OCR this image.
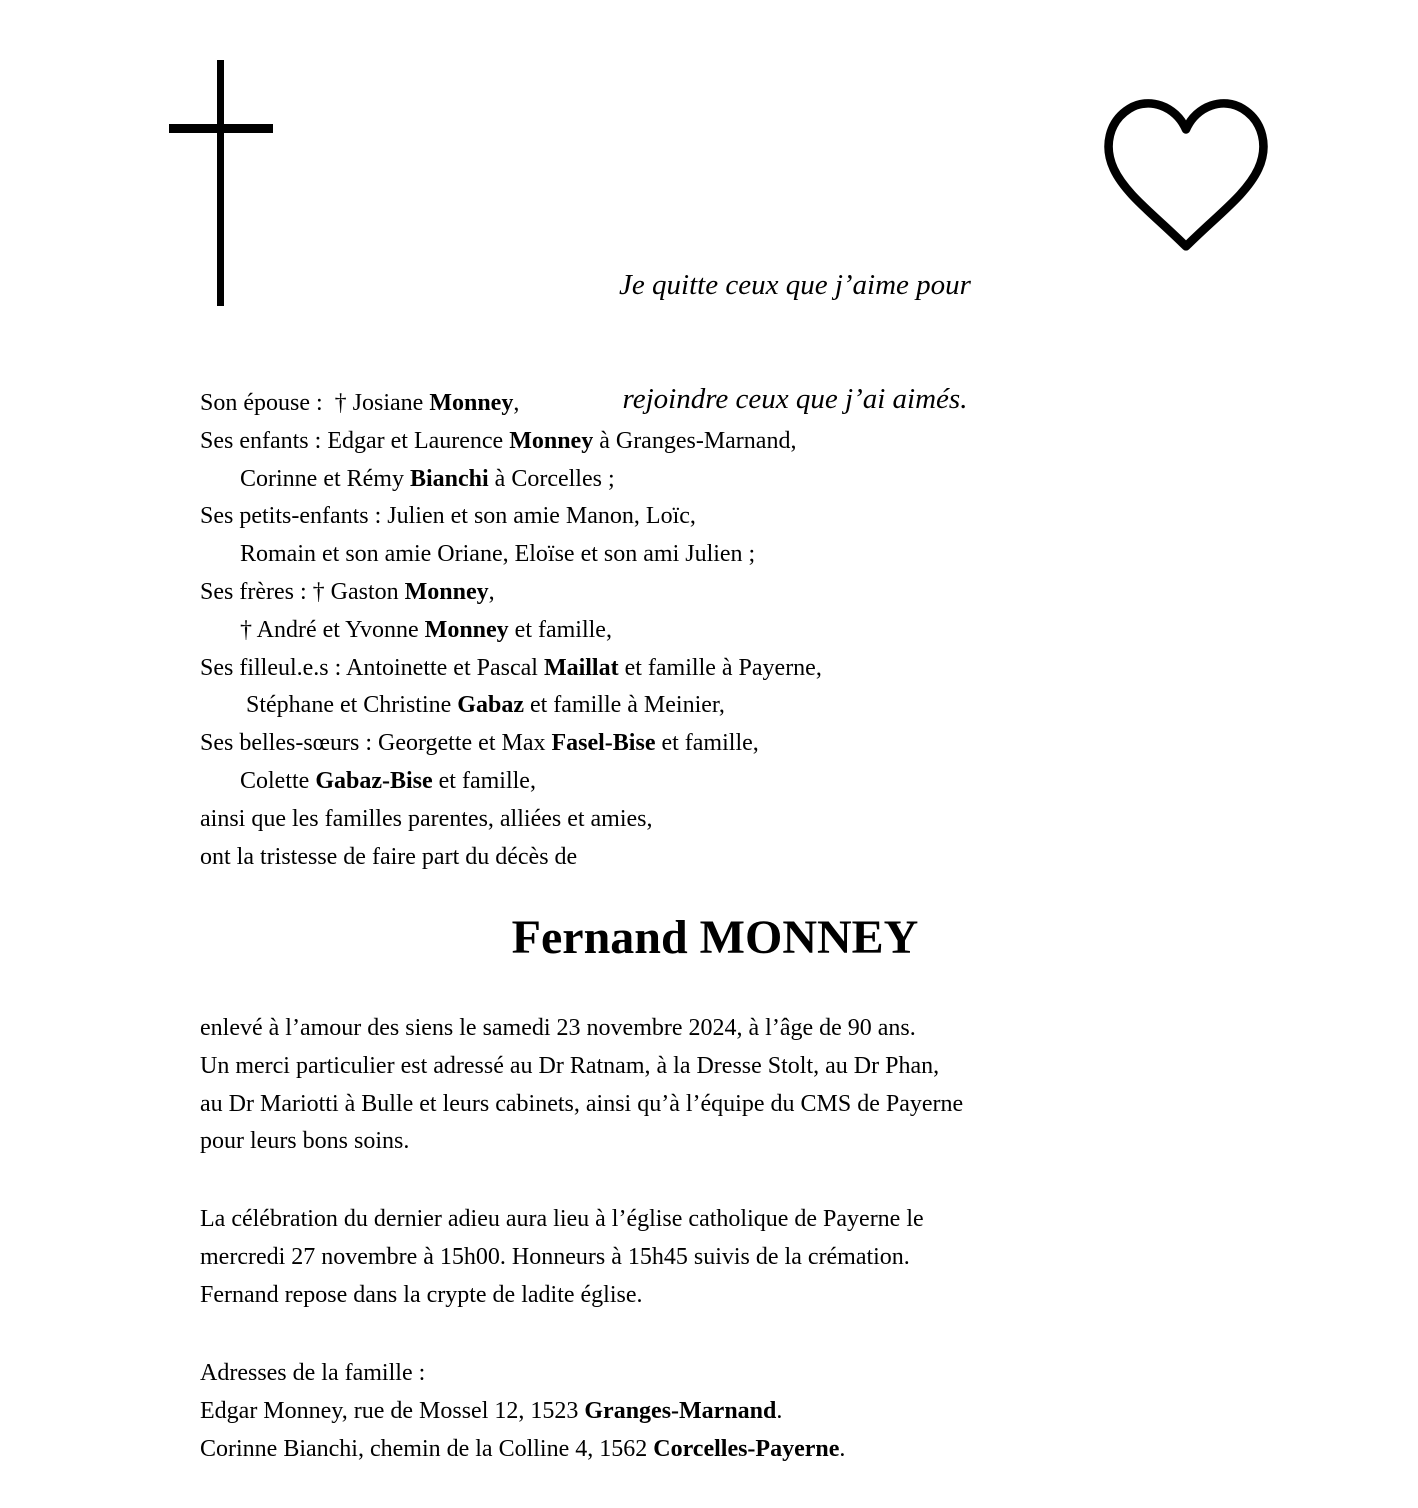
Je quitte ceux que j’aime pour

rejoindre ceux que j’ai aimés.

Son épouse :  † Josiane Monney,
Ses enfants : Edgar et Laurence Monney à Granges-Marnand,
Corinne et Rémy Bianchi à Corcelles ;
Ses petits-enfants : Julien et son amie Manon, Loïc,
Romain et son amie Oriane, Eloïse et son ami Julien ;
Ses frères : † Gaston Monney,
† André et Yvonne Monney et famille,
Ses filleul.e.s : Antoinette et Pascal Maillat et famille à Payerne,
Stéphane et Christine Gabaz et famille à Meinier,
Ses belles-sœurs : Georgette et Max Fasel-Bise et famille,
Colette Gabaz-Bise et famille,
ainsi que les familles parentes, alliées et amies,
ont la tristesse de faire part du décès de
Fernand MONNEY
enlevé à l’amour des siens le samedi 23 novembre 2024, à l’âge de 90 ans.
Un merci particulier est adressé au Dr Ratnam, à la Dresse Stolt, au Dr Phan,
au Dr Mariotti à Bulle et leurs cabinets, ainsi qu’à l’équipe du CMS de Payerne
pour leurs bons soins.
La célébration du dernier adieu aura lieu à l’église catholique de Payerne le
mercredi 27 novembre à 15h00. Honneurs à 15h45 suivis de la crémation.
Fernand repose dans la crypte de ladite église.
Adresses de la famille :
Edgar Monney, rue de Mossel 12, 1523 Granges-Marnand.
Corinne Bianchi, chemin de la Colline 4, 1562 Corcelles-Payerne.
